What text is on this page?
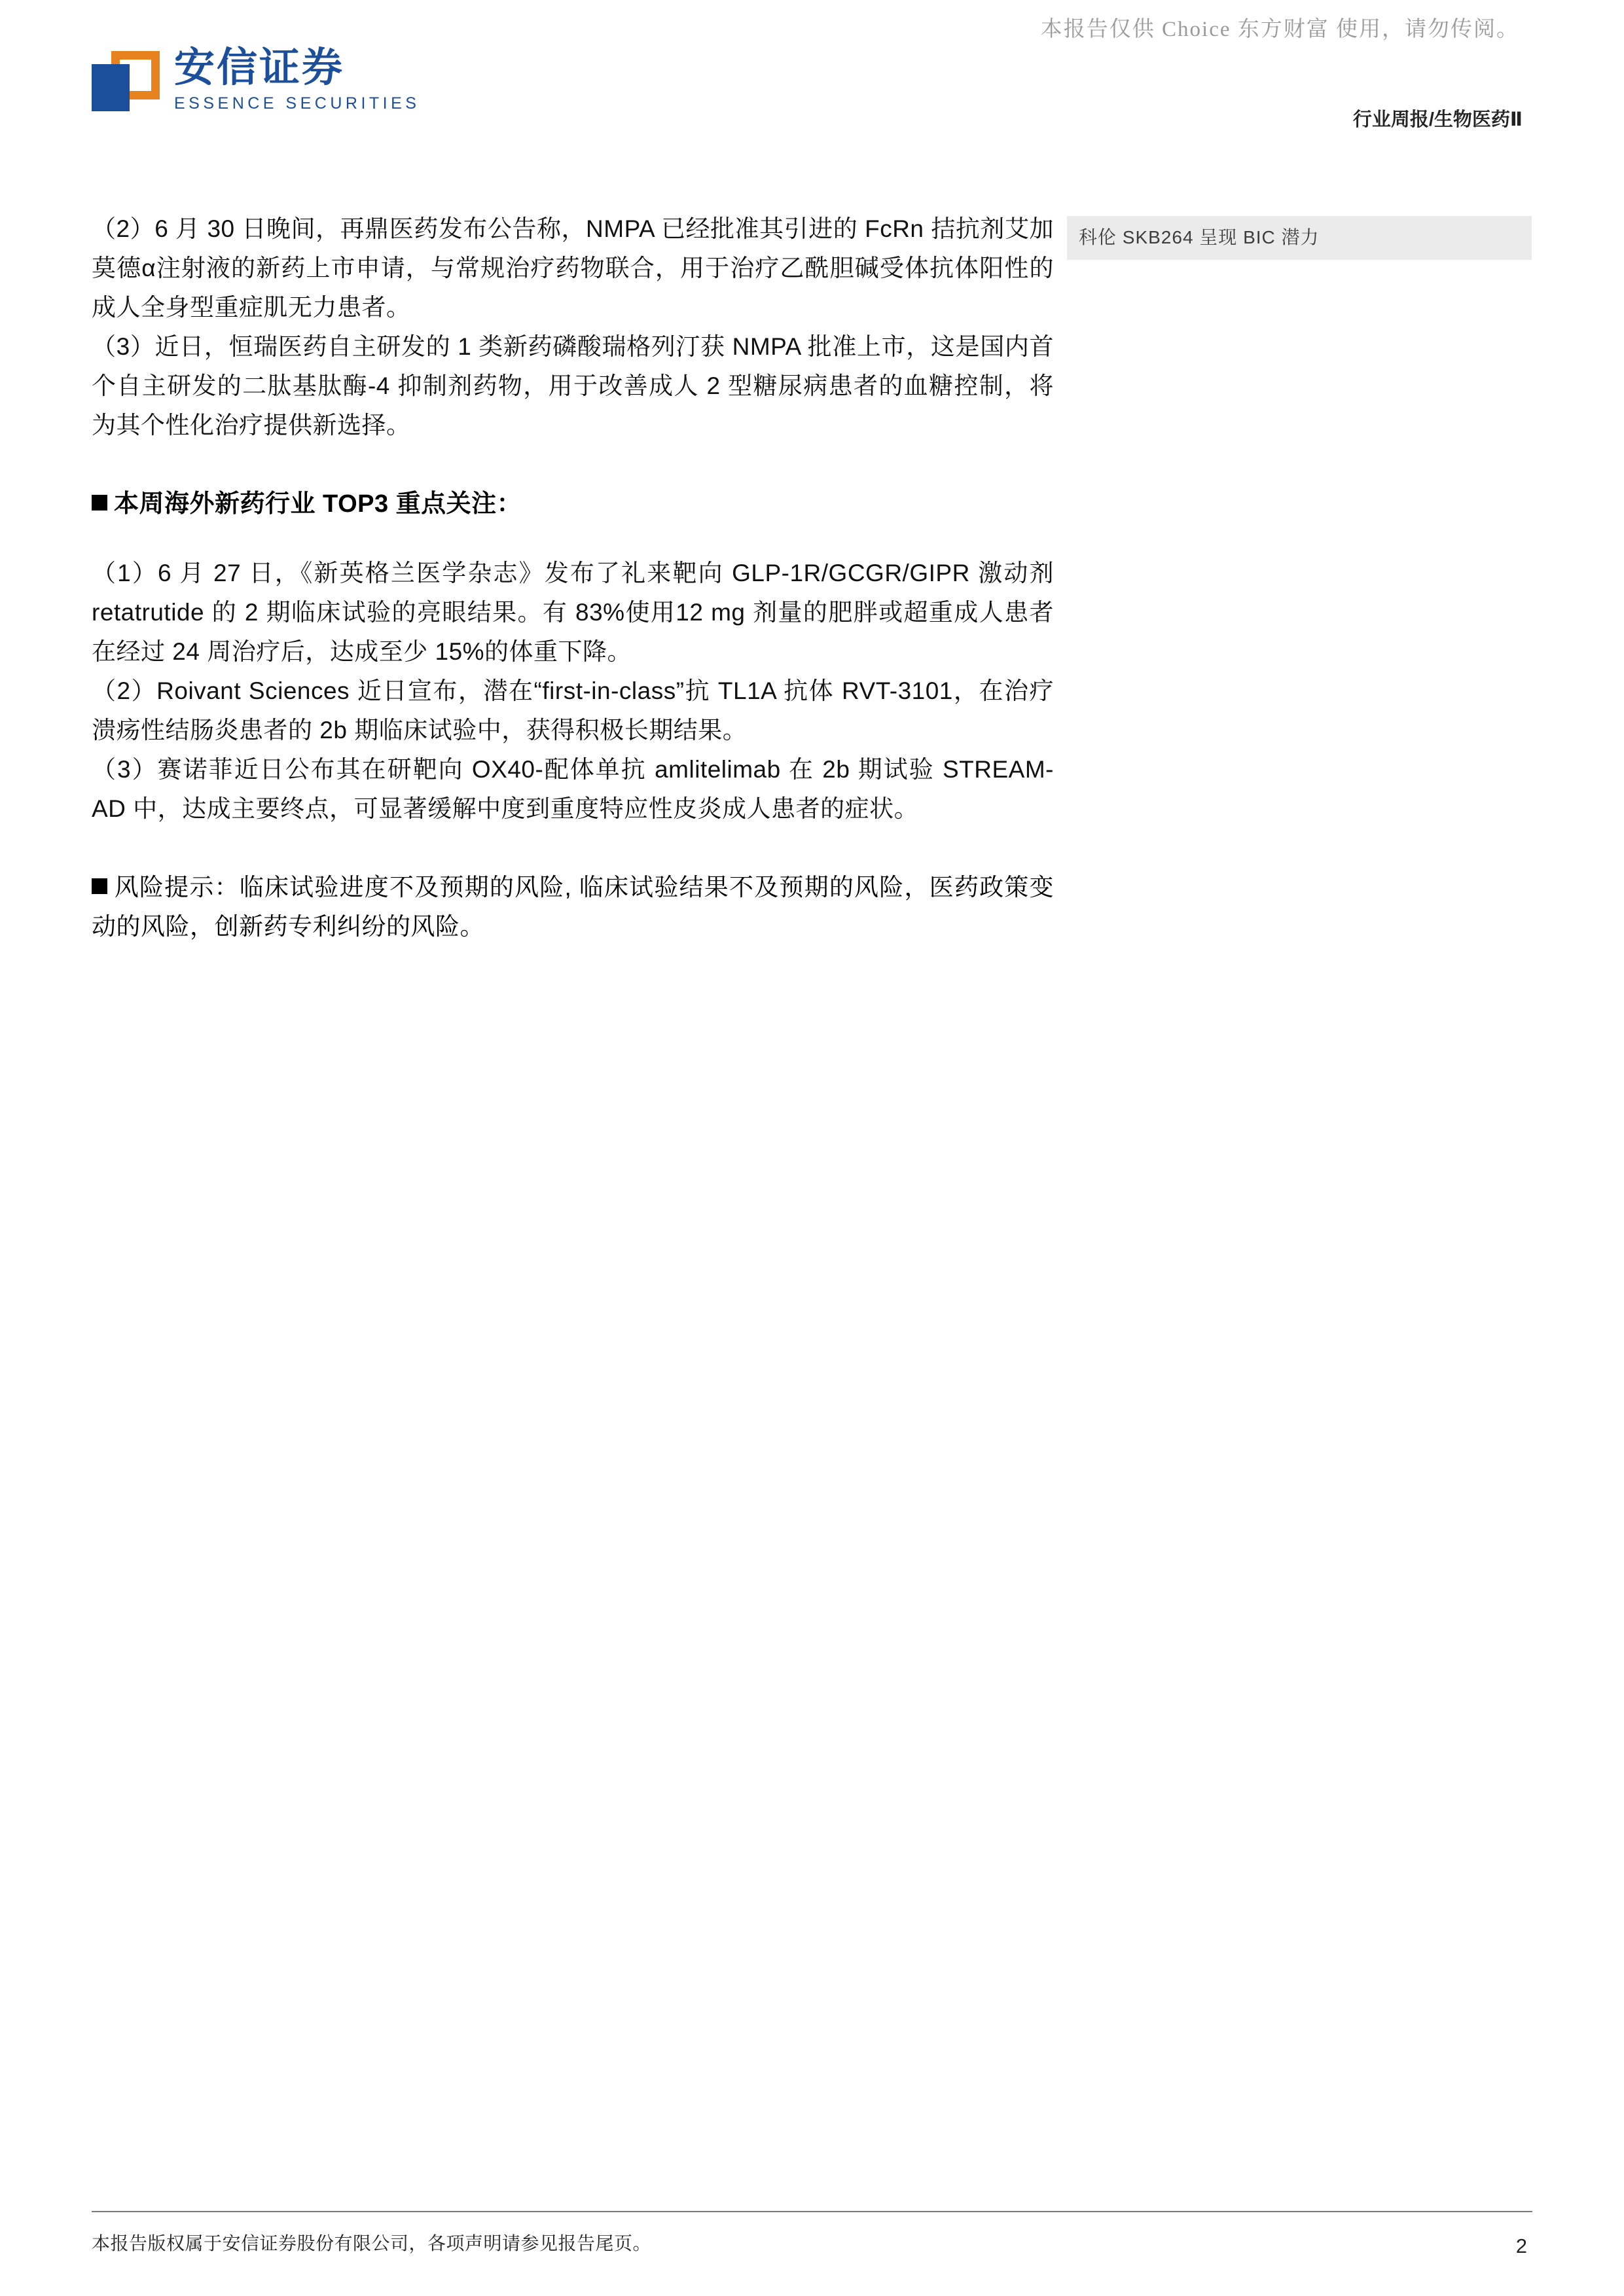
本报告仅供 Choice 东方财富 使用，请勿传阅。
安信证券
ESSENCE SECURITIES
行业周报/生物医药Ⅱ
科伦 SKB264 呈现 BIC 潜力

（2）6 月 30 日晚间，再鼎医药发布公告称，NMPA 已经批准其引进的 FcRn 拮抗剂艾加莫德α注射液的新药上市申请，与常规治疗药物联合，用于治疗乙酰胆碱受体抗体阳性的成人全身型重症肌无力患者。

（3）近日，恒瑞医药自主研发的 1 类新药磷酸瑞格列汀获 NMPA 批准上市，这是国内首个自主研发的二肽基肽酶-4 抑制剂药物，用于改善成人 2 型糖尿病患者的血糖控制，将为其个性化治疗提供新选择。

本周海外新药行业 TOP3 重点关注：

（1）6 月 27 日，《新英格兰医学杂志》发布了礼来靶向 GLP-1R/GCGR/GIPR 激动剂 retatrutide 的 2 期临床试验的亮眼结果。有 83%使用12 mg 剂量的肥胖或超重成人患者在经过 24 周治疗后，达成至少 15%的体重下降。

（2）Roivant Sciences 近日宣布，潜在“first-in-class”抗 TL1A 抗体 RVT-3101，在治疗溃疡性结肠炎患者的 2b 期临床试验中，获得积极长期结果。

（3）赛诺菲近日公布其在研靶向 OX40-配体单抗 amlitelimab 在 2b 期试验 STREAM-AD 中，达成主要终点，可显著缓解中度到重度特应性皮炎成人患者的症状。

风险提示：临床试验进度不及预期的风险, 临床试验结果不及预期的风险，医药政策变动的风险，创新药专利纠纷的风险。

本报告版权属于安信证券股份有限公司，各项声明请参见报告尾页。	2
